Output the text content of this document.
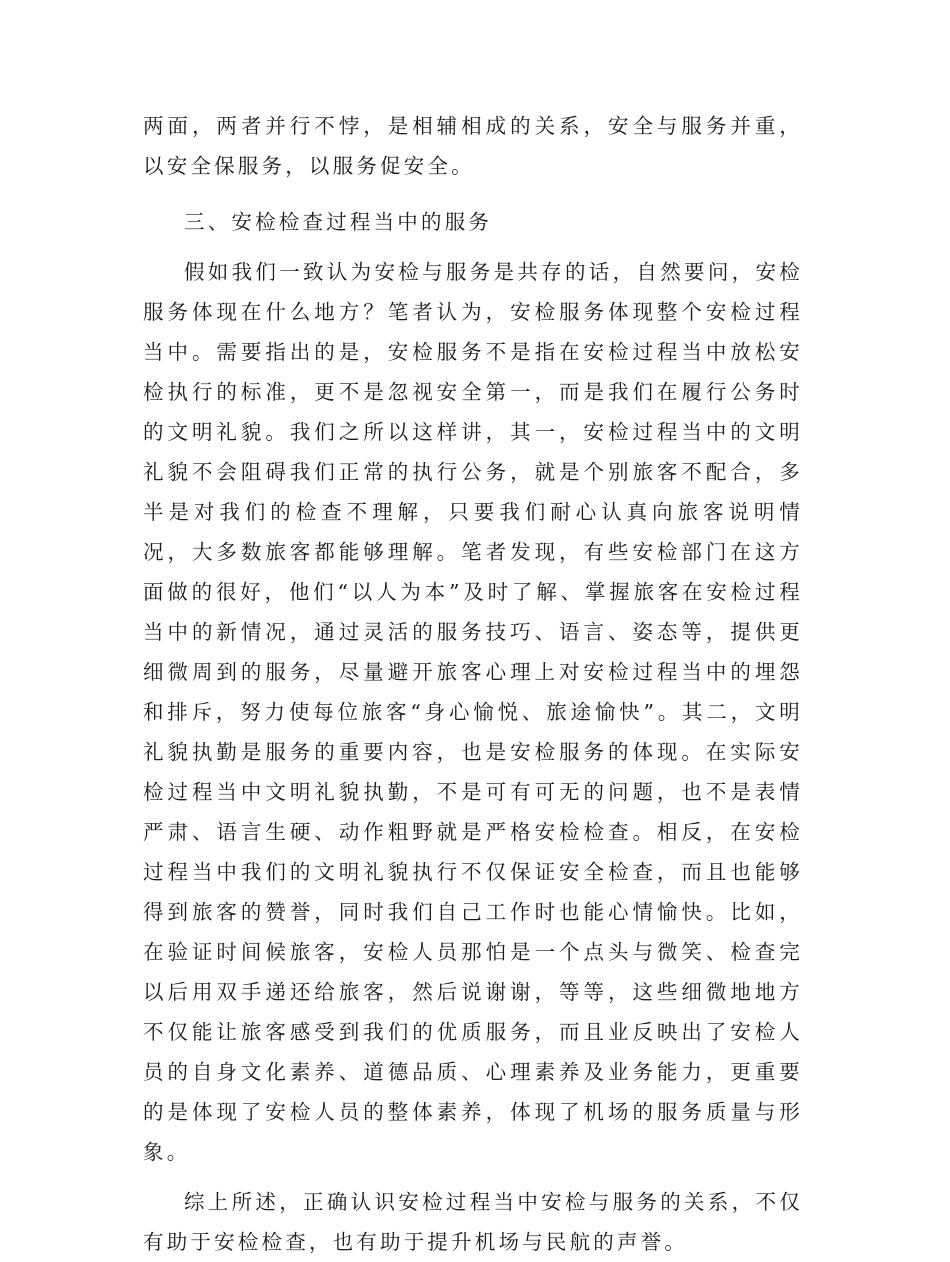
两面，两者并行不悖，是相辅相成的关系，安全与服务并重，以安全保服务，以服务促安全。

三、安检检查过程当中的服务

假如我们一致认为安检与服务是共存的话，自然要问，安检服务体现在什么地方？笔者认为，安检服务体现整个安检过程当中。需要指出的是，安检服务不是指在安检过程当中放松安检执行的标准，更不是忽视安全第一，而是我们在履行公务时的文明礼貌。我们之所以这样讲，其一，安检过程当中的文明礼貌不会阻碍我们正常的执行公务，就是个别旅客不配合，多半是对我们的检查不理解，只要我们耐心认真向旅客说明情况，大多数旅客都能够理解。笔者发现，有些安检部门在这方面做的很好，他们“以人为本”及时了解、掌握旅客在安检过程当中的新情况，通过灵活的服务技巧、语言、姿态等，提供更细微周到的服务，尽量避开旅客心理上对安检过程当中的埋怨和排斥，努力使每位旅客“身心愉悦、旅途愉快”。其二，文明礼貌执勤是服务的重要内容，也是安检服务的体现。在实际安检过程当中文明礼貌执勤，不是可有可无的问题，也不是表情严肃、语言生硬、动作粗野就是严格安检检查。相反，在安检过程当中我们的文明礼貌执行不仅保证安全检查，而且也能够得到旅客的赞誉，同时我们自己工作时也能心情愉快。比如，在验证时间候旅客，安检人员那怕是一个点头与微笑、检查完以后用双手递还给旅客，然后说谢谢，等等，这些细微地地方不仅能让旅客感受到我们的优质服务，而且业反映出了安检人员的自身文化素养、道德品质、心理素养及业务能力，更重要的是体现了安检人员的整体素养，体现了机场的服务质量与形象。

综上所述，正确认识安检过程当中安检与服务的关系，不仅有助于安检检查，也有助于提升机场与民航的声誉。
